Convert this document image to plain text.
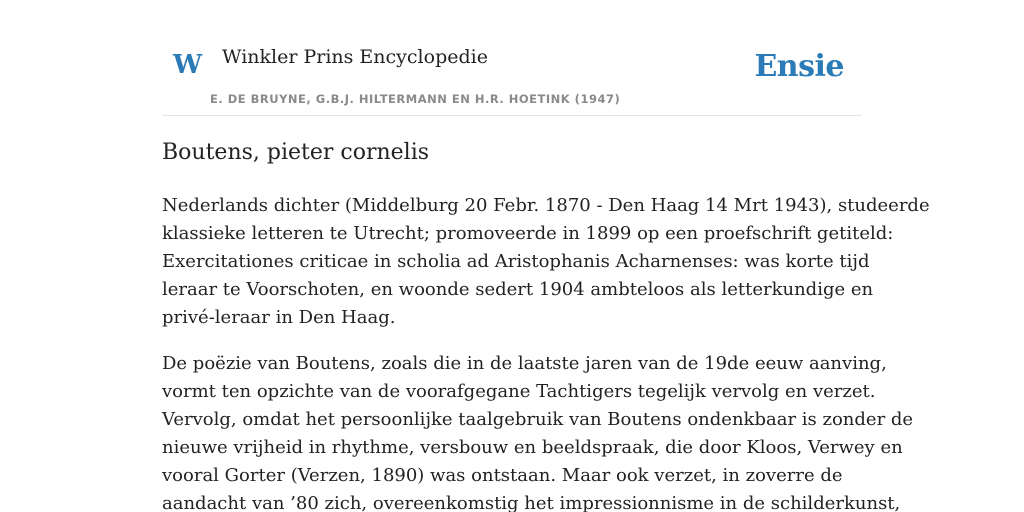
W Winkler Prins Encyclopedie
E. DE BRUYNE, G.B.J. HILTERMANN EN H.R. HOETINK (1947)
Ensie
Boutens, pieter cornelis

Nederlands dichter (Middelburg 20 Febr. 1870 - Den Haag 14 Mrt 1943), studeerde
klassieke letteren te Utrecht; promoveerde in 1899 op een proefschrift getiteld:
Exercitationes criticae in scholia ad Aristophanis Acharnenses: was korte tijd
leraar te Voorschoten, en woonde sedert 1904 ambteloos als letterkundige en
privé-leraar in Den Haag.

De poëzie van Boutens, zoals die in de laatste jaren van de 19de eeuw aanving,
vormt ten opzichte van de voorafgegane Tachtigers tegelijk vervolg en verzet.
Vervolg, omdat het persoonlijke taalgebruik van Boutens ondenkbaar is zonder de
nieuwe vrijheid in rhythme, versbouw en beeldspraak, die door Kloos, Verwey en
vooral Gorter (Verzen, 1890) was ontstaan. Maar ook verzet, in zoverre de
aandacht van ’80 zich, overeenkomstig het impressionnisme in de schilderkunst,
